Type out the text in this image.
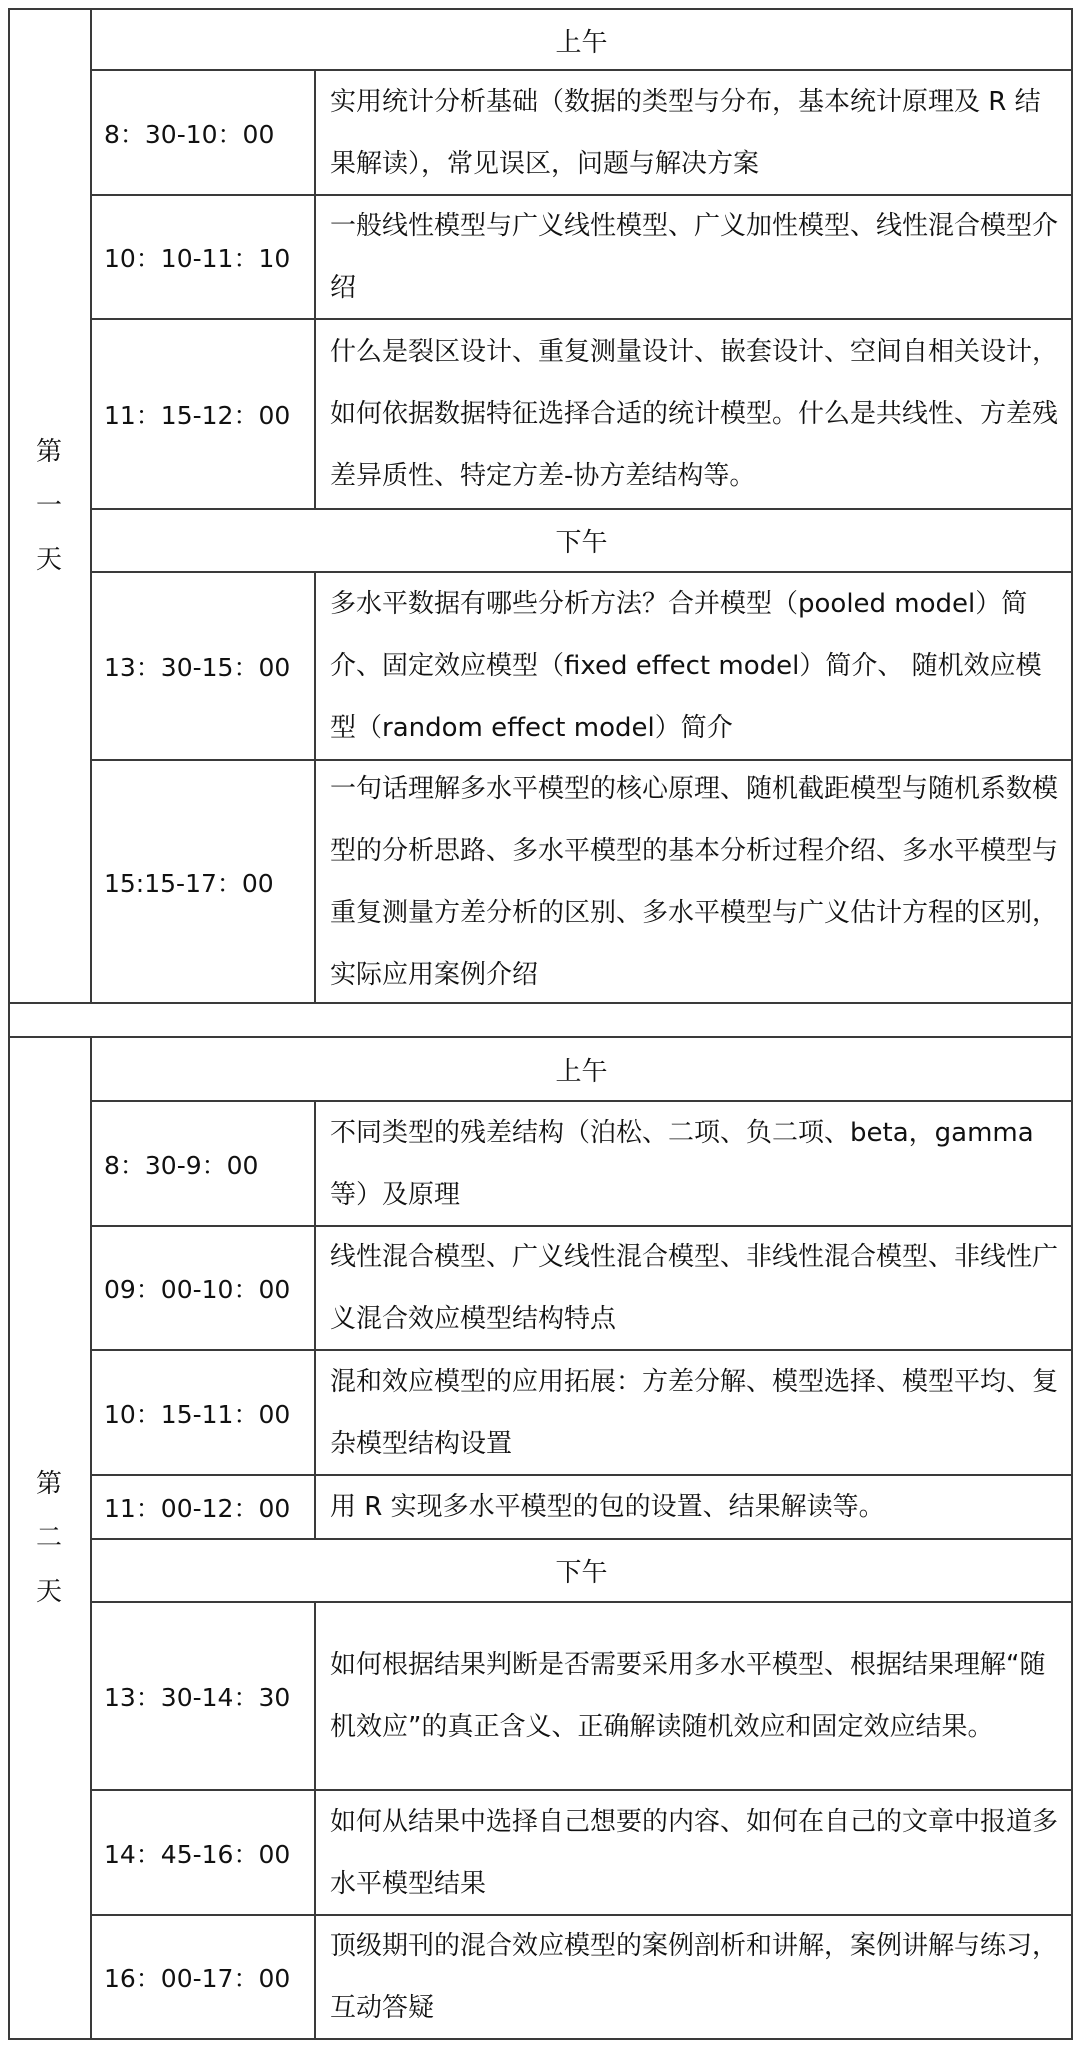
第
一
天
上午
8：30-10：00
实用统计分析基础（数据的类型与分布，基本统计原理及 R 结果解读），常见误区，问题与解决方案
10：10-11：10
一般线性模型与广义线性模型、广义加性模型、线性混合模型介绍
11：15-12：00
什么是裂区设计、重复测量设计、嵌套设计、空间自相关设计，如何依据数据特征选择合适的统计模型。什么是共线性、方差残差异质性、特定方差-协方差结构等。
下午
13：30-15：00
多水平数据有哪些分析方法？合并模型（pooled model）简介、固定效应模型（fixed effect model）简介、 随机效应模型（random effect model）简介
15:15-17：00
一句话理解多水平模型的核心原理、随机截距模型与随机系数模型的分析思路、多水平模型的基本分析过程介绍、多水平模型与重复测量方差分析的区别、多水平模型与广义估计方程的区别，实际应用案例介绍
第
二
天
上午
8：30-9：00
不同类型的残差结构（泊松、二项、负二项、beta，gamma 等）及原理
09：00-10：00
线性混合模型、广义线性混合模型、非线性混合模型、非线性广义混合效应模型结构特点
10：15-11：00
混和效应模型的应用拓展：方差分解、模型选择、模型平均、复杂模型结构设置
11：00-12：00	用 R 实现多水平模型的包的设置、结果解读等。
下午
13：30-14：30
如何根据结果判断是否需要采用多水平模型、根据结果理解“随机效应”的真正含义、正确解读随机效应和固定效应结果。
14：45-16：00
如何从结果中选择自己想要的内容、如何在自己的文章中报道多水平模型结果
16：00-17：00
顶级期刊的混合效应模型的案例剖析和讲解，案例讲解与练习，互动答疑
